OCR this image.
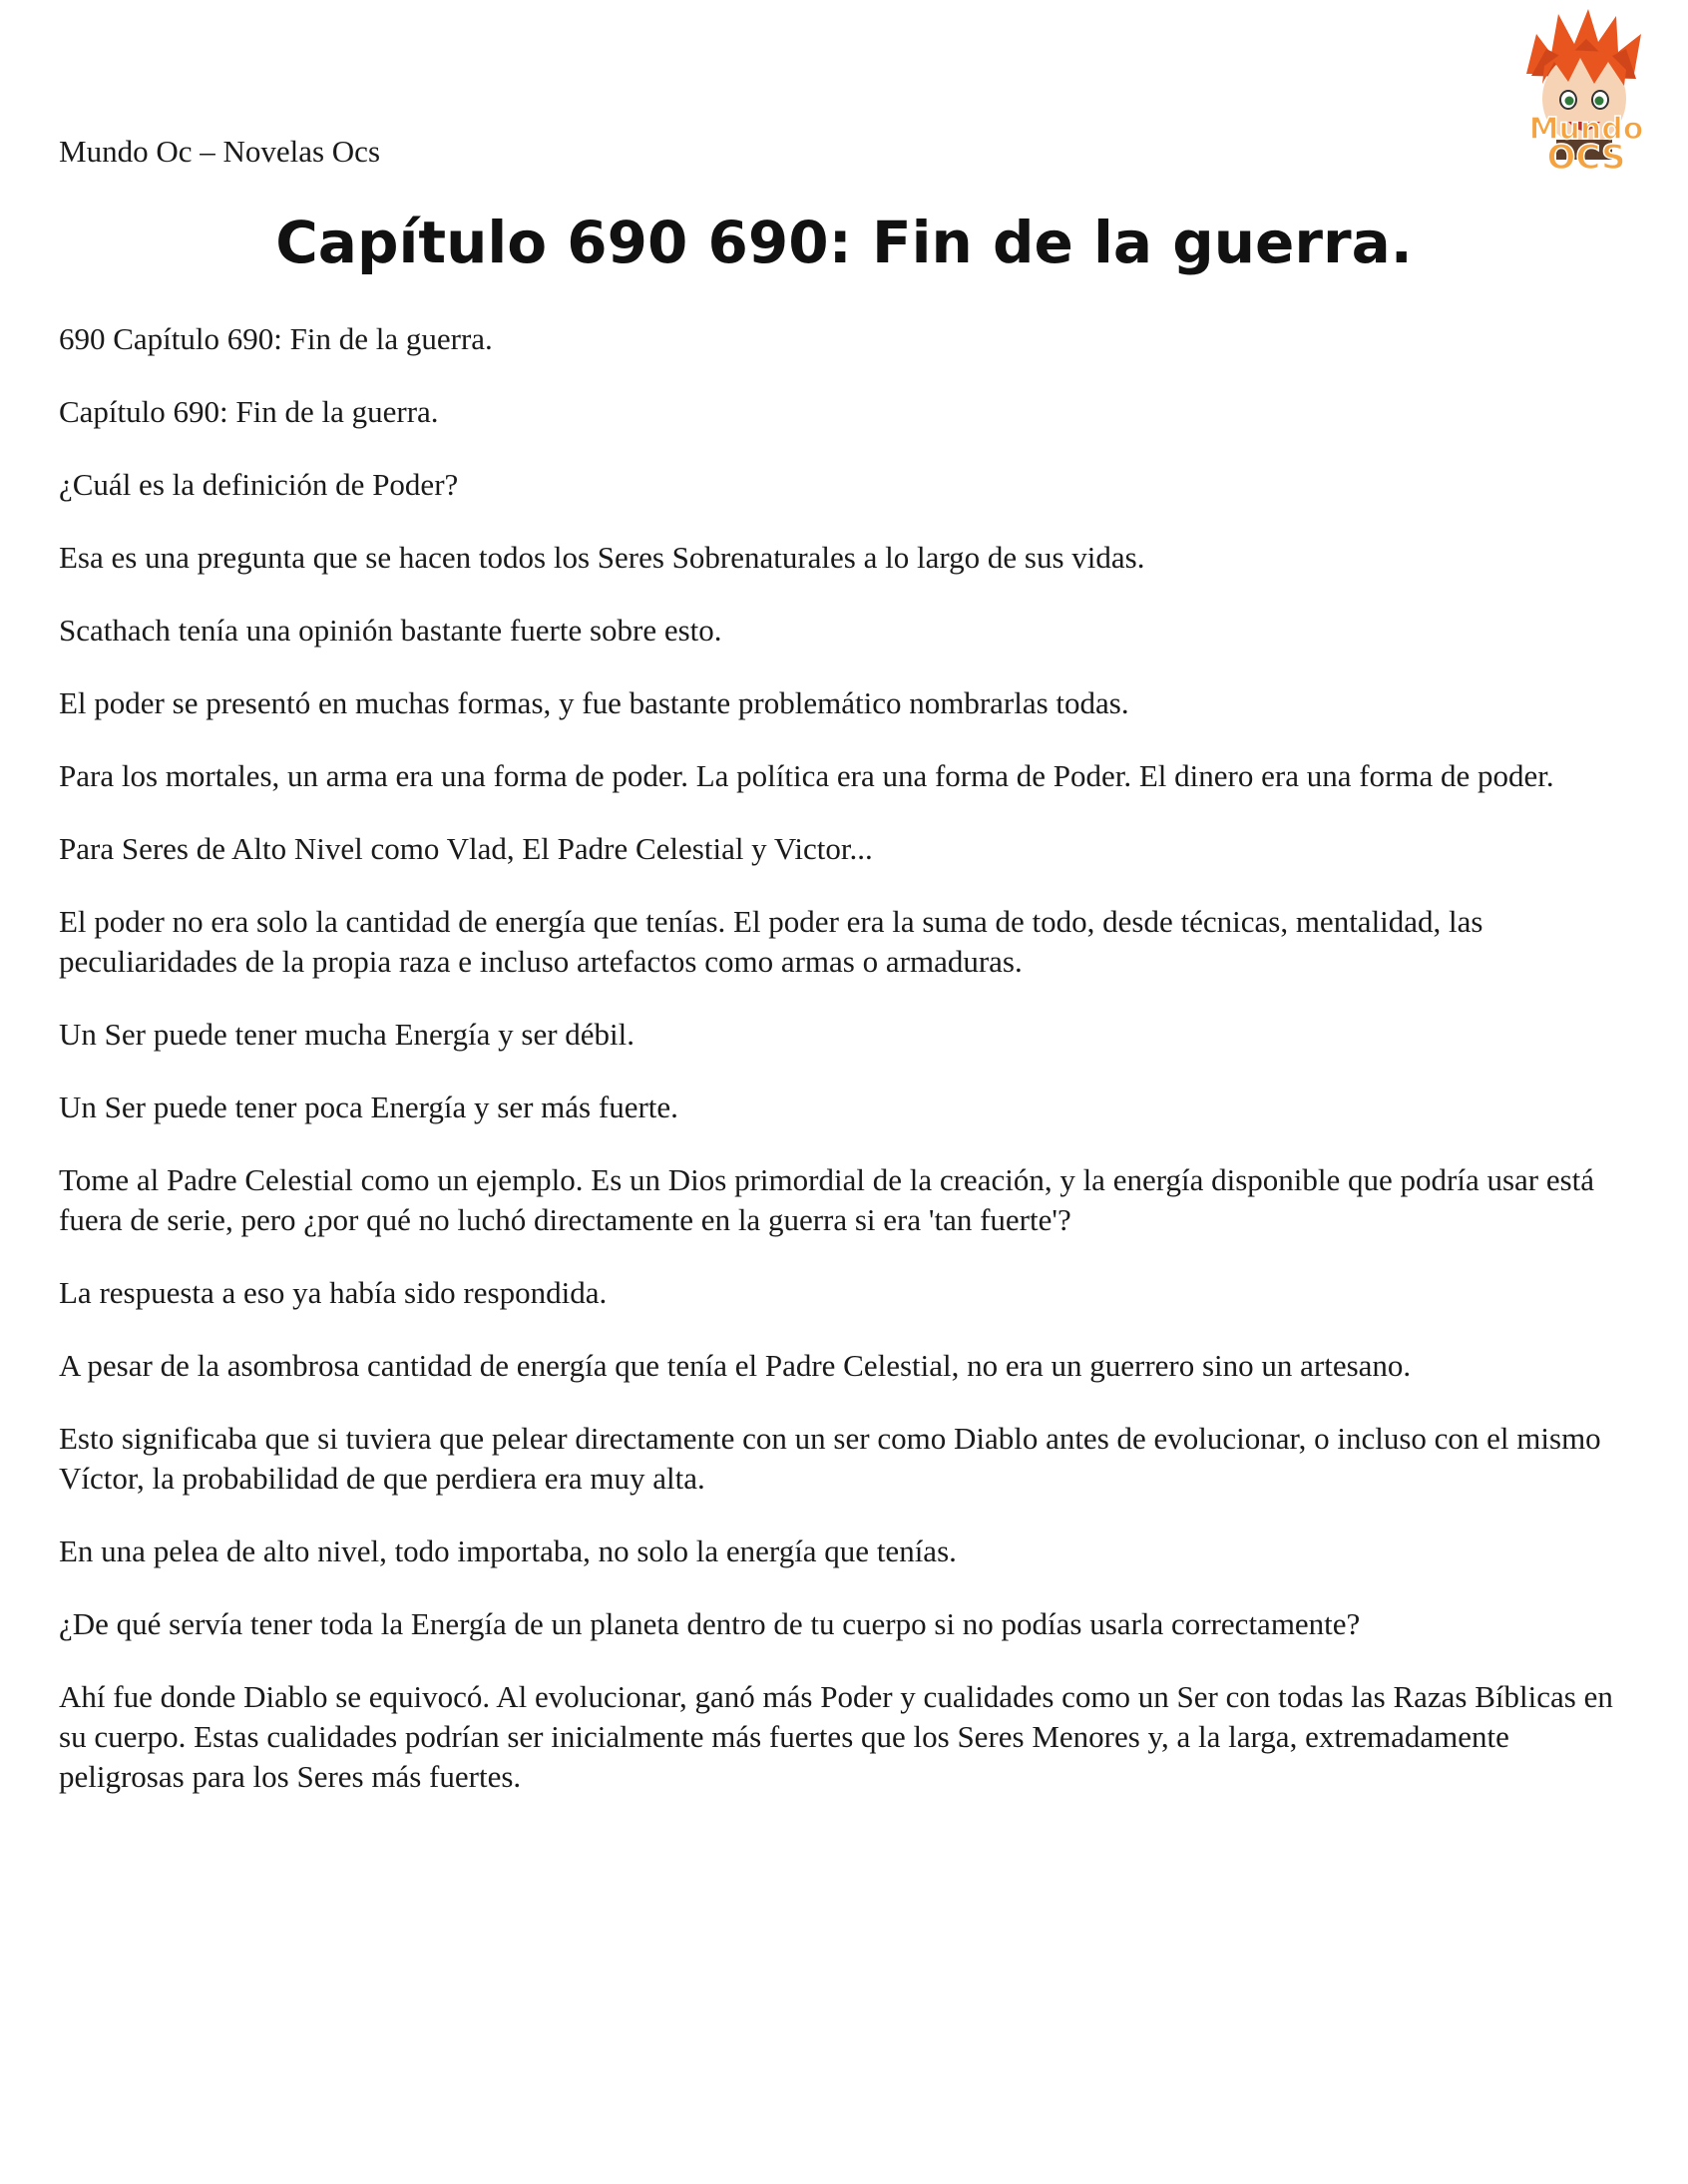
Mundo Oc – Novelas Ocs
Mundo
OCS
Capítulo 690 690: Fin de la guerra.

690 Capítulo 690: Fin de la guerra.

Capítulo 690: Fin de la guerra.

¿Cuál es la definición de Poder?

Esa es una pregunta que se hacen todos los Seres Sobrenaturales a lo largo de sus vidas.

Scathach tenía una opinión bastante fuerte sobre esto.

El poder se presentó en muchas formas, y fue bastante problemático nombrarlas todas.

Para los mortales, un arma era una forma de poder. La política era una forma de Poder. El dinero era una forma de poder.

Para Seres de Alto Nivel como Vlad, El Padre Celestial y Victor...

El poder no era solo la cantidad de energía que tenías. El poder era la suma de todo, desde técnicas, mentalidad, las peculiaridades de la propia raza e incluso artefactos como armas o armaduras.

Un Ser puede tener mucha Energía y ser débil.

Un Ser puede tener poca Energía y ser más fuerte.

Tome al Padre Celestial como un ejemplo. Es un Dios primordial de la creación, y la energía disponible que podría usar está fuera de serie, pero ¿por qué no luchó directamente en la guerra si era 'tan fuerte'?

La respuesta a eso ya había sido respondida.

A pesar de la asombrosa cantidad de energía que tenía el Padre Celestial, no era un guerrero sino un artesano.

Esto significaba que si tuviera que pelear directamente con un ser como Diablo antes de evolucionar, o incluso con el mismo Víctor, la probabilidad de que perdiera era muy alta.

En una pelea de alto nivel, todo importaba, no solo la energía que tenías.

¿De qué servía tener toda la Energía de un planeta dentro de tu cuerpo si no podías usarla correctamente?

Ahí fue donde Diablo se equivocó. Al evolucionar, ganó más Poder y cualidades como un Ser con todas las Razas Bíblicas en su cuerpo. Estas cualidades podrían ser inicialmente más fuertes que los Seres Menores y, a la larga, extremadamente peligrosas para los Seres más fuertes.
